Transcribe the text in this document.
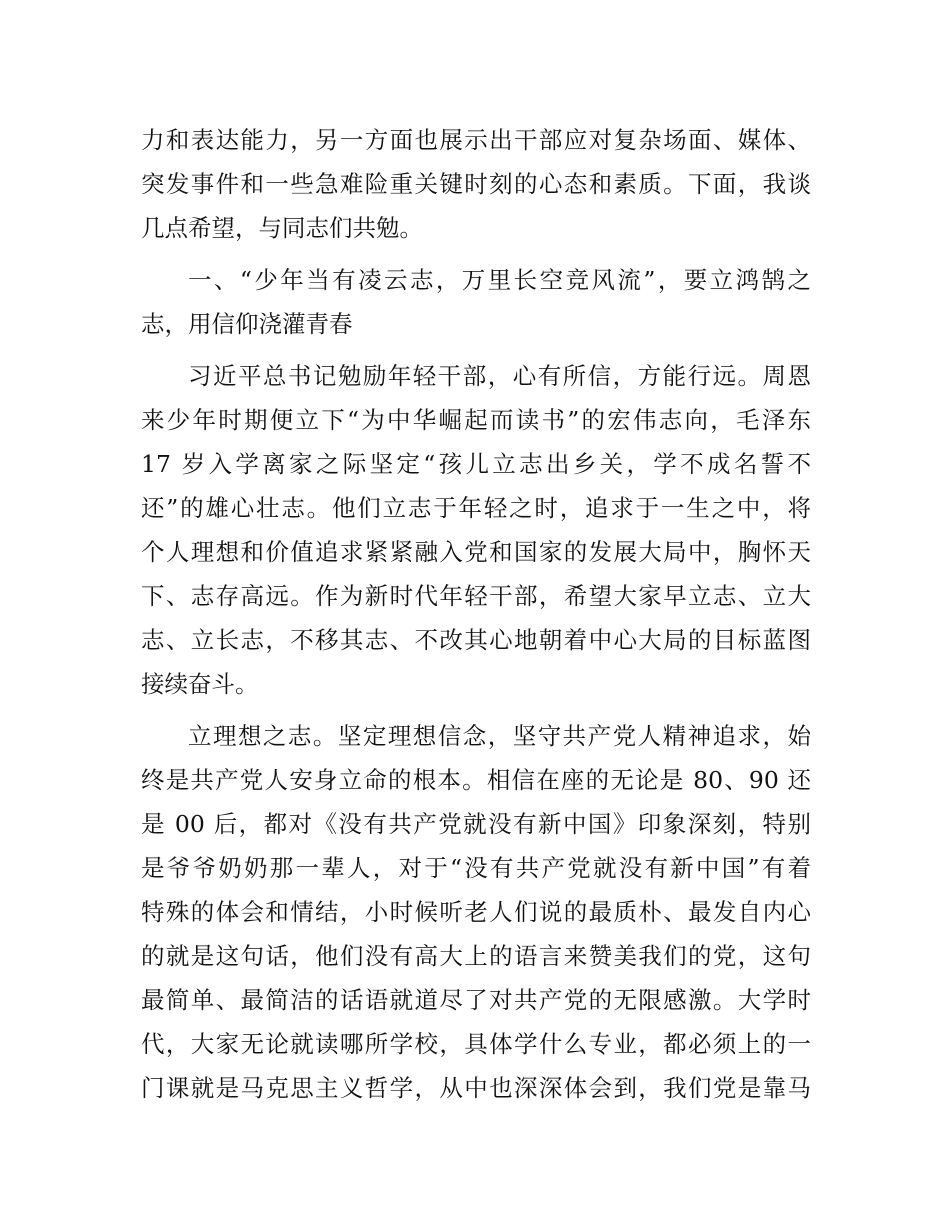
力和表达能力，另一方面也展示出干部应对复杂场面、媒体、
突发事件和一些急难险重关键时刻的心态和素质。下面，我谈
几点希望，与同志们共勉。
一、“少年当有凌云志，万里长空竞风流”，要立鸿鹄之
志，用信仰浇灌青春
习近平总书记勉励年轻干部，心有所信，方能行远。周恩
来少年时期便立下“为中华崛起而读书”的宏伟志向，毛泽东
17 岁入学离家之际坚定“孩儿立志出乡关，学不成名誓不
还”的雄心壮志。他们立志于年轻之时，追求于一生之中，将
个人理想和价值追求紧紧融入党和国家的发展大局中，胸怀天
下、志存高远。作为新时代年轻干部，希望大家早立志、立大
志、立长志，不移其志、不改其心地朝着中心大局的目标蓝图
接续奋斗。
立理想之志。坚定理想信念，坚守共产党人精神追求，始
终是共产党人安身立命的根本。相信在座的无论是 80、90 还
是 00 后，都对《没有共产党就没有新中国》印象深刻，特别
是爷爷奶奶那一辈人，对于“没有共产党就没有新中国”有着
特殊的体会和情结，小时候听老人们说的最质朴、最发自内心
的就是这句话，他们没有高大上的语言来赞美我们的党，这句
最简单、最简洁的话语就道尽了对共产党的无限感激。大学时
代，大家无论就读哪所学校，具体学什么专业，都必须上的一
门课就是马克思主义哲学，从中也深深体会到，我们党是靠马
